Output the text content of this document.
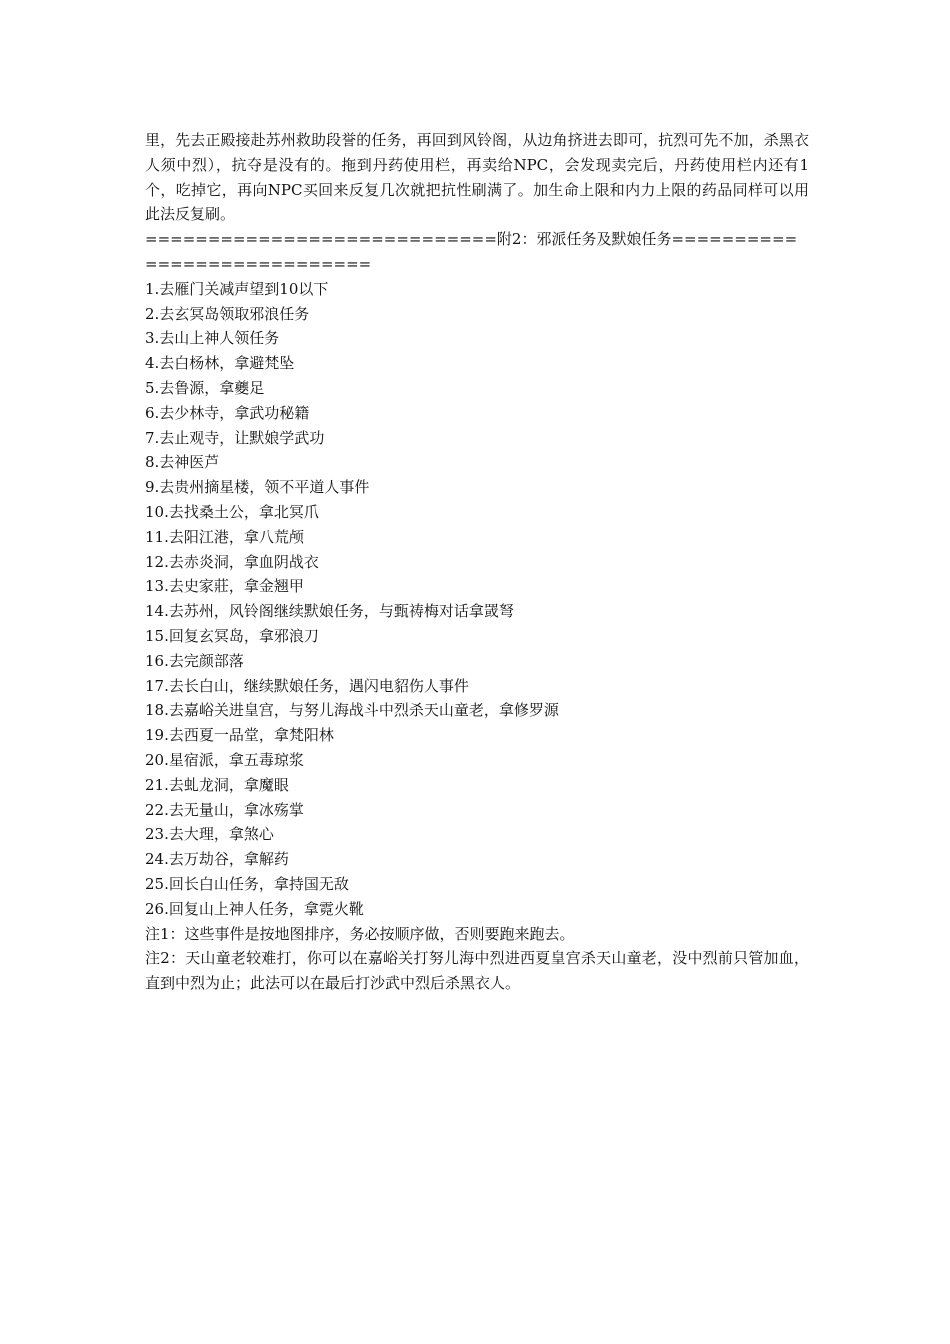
里，先去正殿接赴苏州救助段誉的任务，再回到风铃阁，从边角挤进去即可，抗烈可先不加，杀黑衣人须中烈），抗夺是没有的。拖到丹药使用栏，再卖给NPC，会发现卖完后，丹药使用栏内还有1个，吃掉它，再向NPC买回来反复几次就把抗性刷满了。加生命上限和内力上限的药品同样可以用此法反复刷。

============================附2：邪派任务及默娘任务============================

1.去雁门关减声望到10以下
2.去玄冥岛领取邪浪任务
3.去山上神人领任务
4.去白杨林，拿避梵坠
5.去鲁源，拿夔足
6.去少林寺，拿武功秘籍
7.去止观寺，让默娘学武功
8.去神医芦
9.去贵州摘星楼，领不平道人事件
10.去找桑土公，拿北冥爪
11.去阳江港，拿八荒颅
12.去赤炎洞，拿血阴战衣
13.去史家莊，拿金翘甲
14.去苏州，风铃阁继续默娘任务，与甄祷梅对话拿罭弩
15.回复玄冥岛，拿邪浪刀
16.去完颜部落
17.去长白山，继续默娘任务，遇闪电貂伤人事件
18.去嘉峪关进皇宫，与努儿海战斗中烈杀天山童老，拿修罗源
19.去西夏一品堂，拿梵阳林
20.星宿派，拿五毒琼浆
21.去虬龙洞，拿魔眼
22.去无量山，拿冰殇掌
23.去大理，拿煞心
24.去万劫谷，拿解药
25.回长白山任务，拿持国无敌
26.回复山上神人任务，拿霓火靴

注1：这些事件是按地图排序，务必按顺序做，否则要跑来跑去。

注2：天山童老较难打，你可以在嘉峪关打努儿海中烈进西夏皇宫杀天山童老，没中烈前只管加血，直到中烈为止；此法可以在最后打沙武中烈后杀黑衣人。
